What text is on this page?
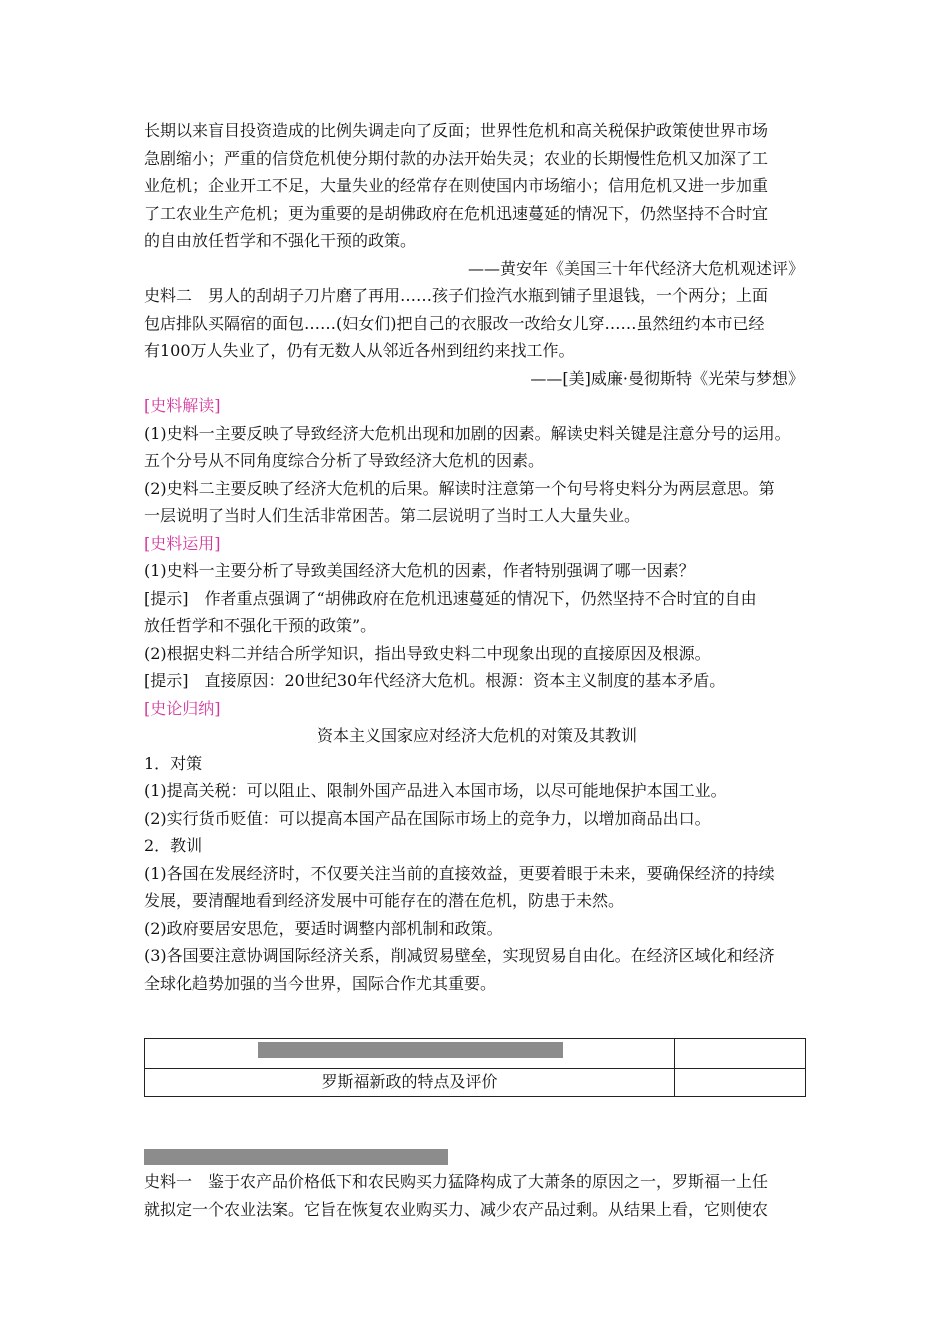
长期以来盲目投资造成的比例失调走向了反面；世界性危机和高关税保护政策使世界市场

急剧缩小；严重的信贷危机使分期付款的办法开始失灵；农业的长期慢性危机又加深了工

业危机；企业开工不足，大量失业的经常存在则使国内市场缩小；信用危机又进一步加重

了工农业生产危机；更为重要的是胡佛政府在危机迅速蔓延的情况下，仍然坚持不合时宜

的自由放任哲学和不强化干预的政策。

——黄安年《美国三十年代经济大危机观述评》

史料二　男人的刮胡子刀片磨了再用……孩子们捡汽水瓶到铺子里退钱，一个两分；上面

包店排队买隔宿的面包……(妇女们)把自己的衣服改一改给女儿穿……虽然纽约本市已经

有100万人失业了，仍有无数人从邻近各州到纽约来找工作。

——[美]威廉·曼彻斯特《光荣与梦想》

[史料解读]

(1)史料一主要反映了导致经济大危机出现和加剧的因素。解读史料关键是注意分号的运用。

五个分号从不同角度综合分析了导致经济大危机的因素。

(2)史料二主要反映了经济大危机的后果。解读时注意第一个句号将史料分为两层意思。第

一层说明了当时人们生活非常困苦。第二层说明了当时工人大量失业。

[史料运用]

(1)史料一主要分析了导致美国经济大危机的因素，作者特别强调了哪一因素？

[提示]　作者重点强调了“胡佛政府在危机迅速蔓延的情况下，仍然坚持不合时宜的自由

放任哲学和不强化干预的政策”。

(2)根据史料二并结合所学知识，指出导致史料二中现象出现的直接原因及根源。

[提示]　直接原因：20世纪30年代经济大危机。根源：资本主义制度的基本矛盾。

[史论归纳]

资本主义国家应对经济大危机的对策及其教训

1．对策

(1)提高关税：可以阻止、限制外国产品进入本国市场，以尽可能地保护本国工业。

(2)实行货币贬值：可以提高本国产品在国际市场上的竞争力，以增加商品出口。

2．教训

(1)各国在发展经济时，不仅要关注当前的直接效益，更要着眼于未来，要确保经济的持续

发展，要清醒地看到经济发展中可能存在的潜在危机，防患于未然。

(2)政府要居安思危，要适时调整内部机制和政策。

(3)各国要注意协调国际经济关系，削减贸易壁垒，实现贸易自由化。在经济区域化和经济

全球化趋势加强的当今世界，国际合作尤其重要。

罗斯福新政的特点及评价

史料一　鉴于农产品价格低下和农民购买力猛降构成了大萧条的原因之一，罗斯福一上任

就拟定一个农业法案。它旨在恢复农业购买力、减少农产品过剩。从结果上看，它则使农
